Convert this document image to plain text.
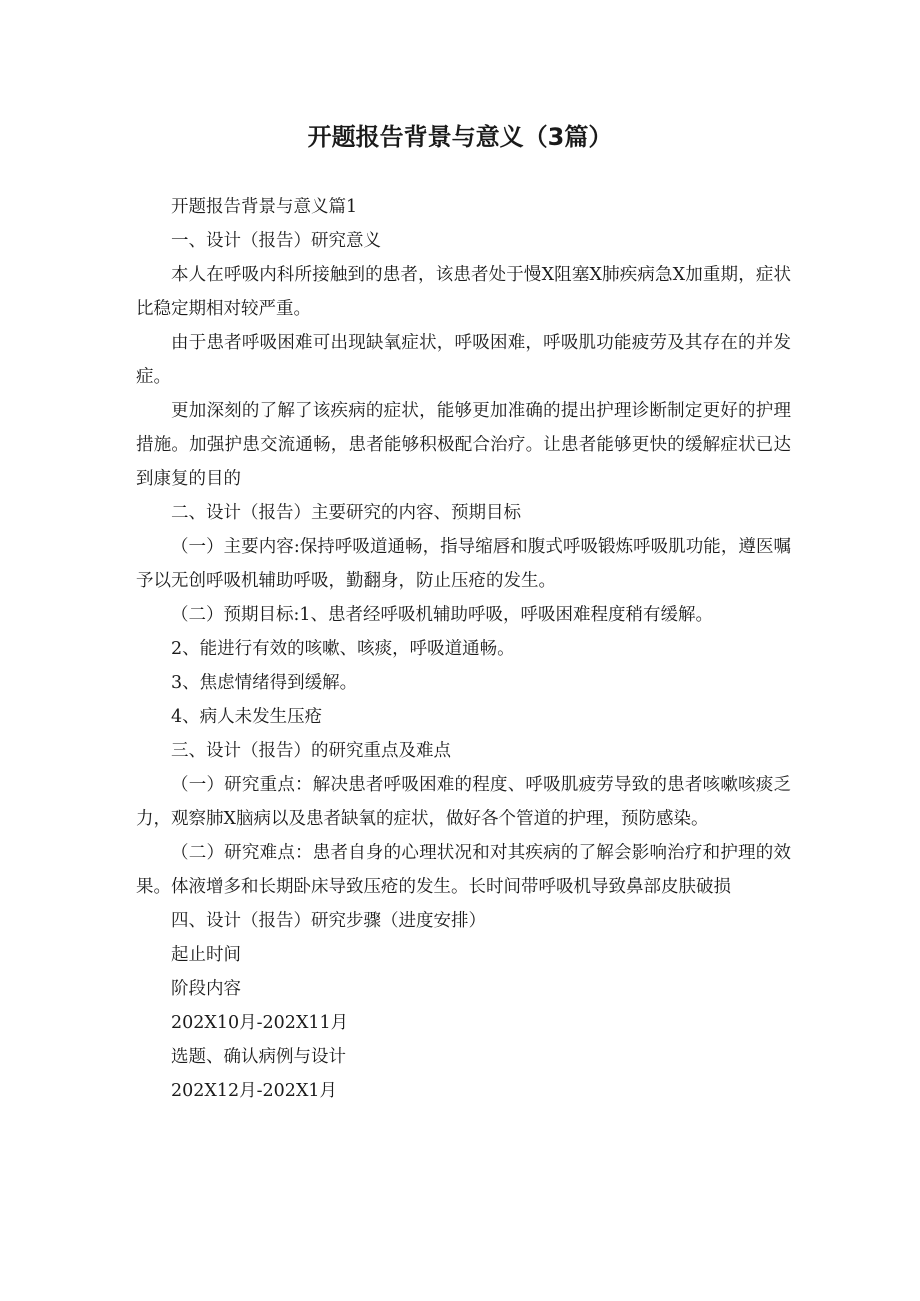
开题报告背景与意义（3篇）

开题报告背景与意义篇1

一、设计（报告）研究意义

本人在呼吸内科所接触到的患者，该患者处于慢X阻塞X肺疾病急X加重期，症状比稳定期相对较严重。

由于患者呼吸困难可出现缺氧症状，呼吸困难，呼吸肌功能疲劳及其存在的并发症。

更加深刻的了解了该疾病的症状，能够更加准确的提出护理诊断制定更好的护理措施。加强护患交流通畅，患者能够积极配合治疗。让患者能够更快的缓解症状已达到康复的目的

二、设计（报告）主要研究的内容、预期目标

（一）主要内容:保持呼吸道通畅，指导缩唇和腹式呼吸锻炼呼吸肌功能，遵医嘱予以无创呼吸机辅助呼吸，勤翻身，防止压疮的发生。

（二）预期目标:1、患者经呼吸机辅助呼吸，呼吸困难程度稍有缓解。

2、能进行有效的咳嗽、咳痰，呼吸道通畅。

3、焦虑情绪得到缓解。

4、病人未发生压疮

三、设计（报告）的研究重点及难点

（一）研究重点：解决患者呼吸困难的程度、呼吸肌疲劳导致的患者咳嗽咳痰乏力，观察肺X脑病以及患者缺氧的症状，做好各个管道的护理，预防感染。

（二）研究难点：患者自身的心理状况和对其疾病的了解会影响治疗和护理的效果。体液增多和长期卧床导致压疮的发生。长时间带呼吸机导致鼻部皮肤破损

四、设计（报告）研究步骤（进度安排）

起止时间

阶段内容

202X10月-202X11月

选题、确认病例与设计

202X12月-202X1月
